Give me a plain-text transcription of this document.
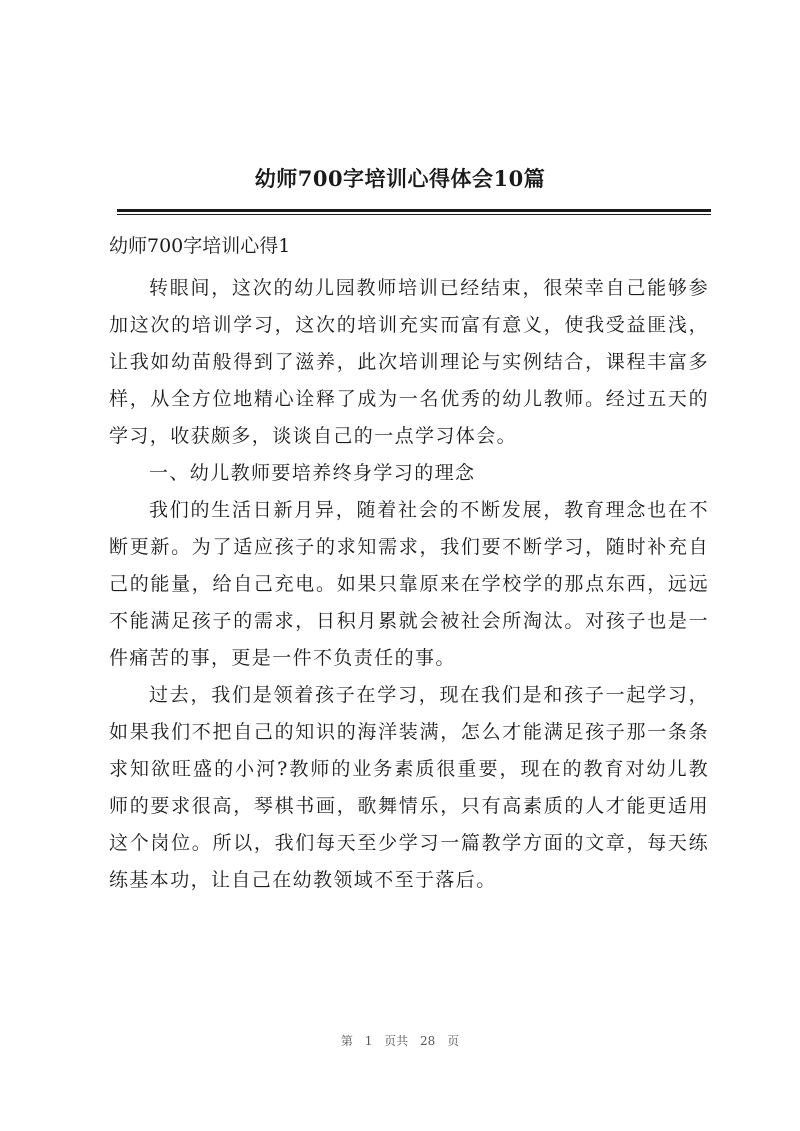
幼师700字培训心得体会10篇
幼师700字培训心得1

转眼间，这次的幼儿园教师培训已经结束，很荣幸自己能够参加这次的培训学习，这次的培训充实而富有意义，使我受益匪浅，让我如幼苗般得到了滋养，此次培训理论与实例结合，课程丰富多样，从全方位地精心诠释了成为一名优秀的幼儿教师。经过五天的学习，收获颇多，谈谈自己的一点学习体会。

一、幼儿教师要培养终身学习的理念

我们的生活日新月异，随着社会的不断发展，教育理念也在不断更新。为了适应孩子的求知需求，我们要不断学习，随时补充自己的能量，给自己充电。如果只靠原来在学校学的那点东西，远远不能满足孩子的需求，日积月累就会被社会所淘汰。对孩子也是一件痛苦的事，更是一件不负责任的事。

过去，我们是领着孩子在学习，现在我们是和孩子一起学习，如果我们不把自己的知识的海洋装满，怎么才能满足孩子那一条条求知欲旺盛的小河?教师的业务素质很重要，现在的教育对幼儿教师的要求很高，琴棋书画，歌舞情乐，只有高素质的人才能更适用这个岗位。所以，我们每天至少学习一篇教学方面的文章，每天练练基本功，让自己在幼教领域不至于落后。

第 1 页共 28 页
